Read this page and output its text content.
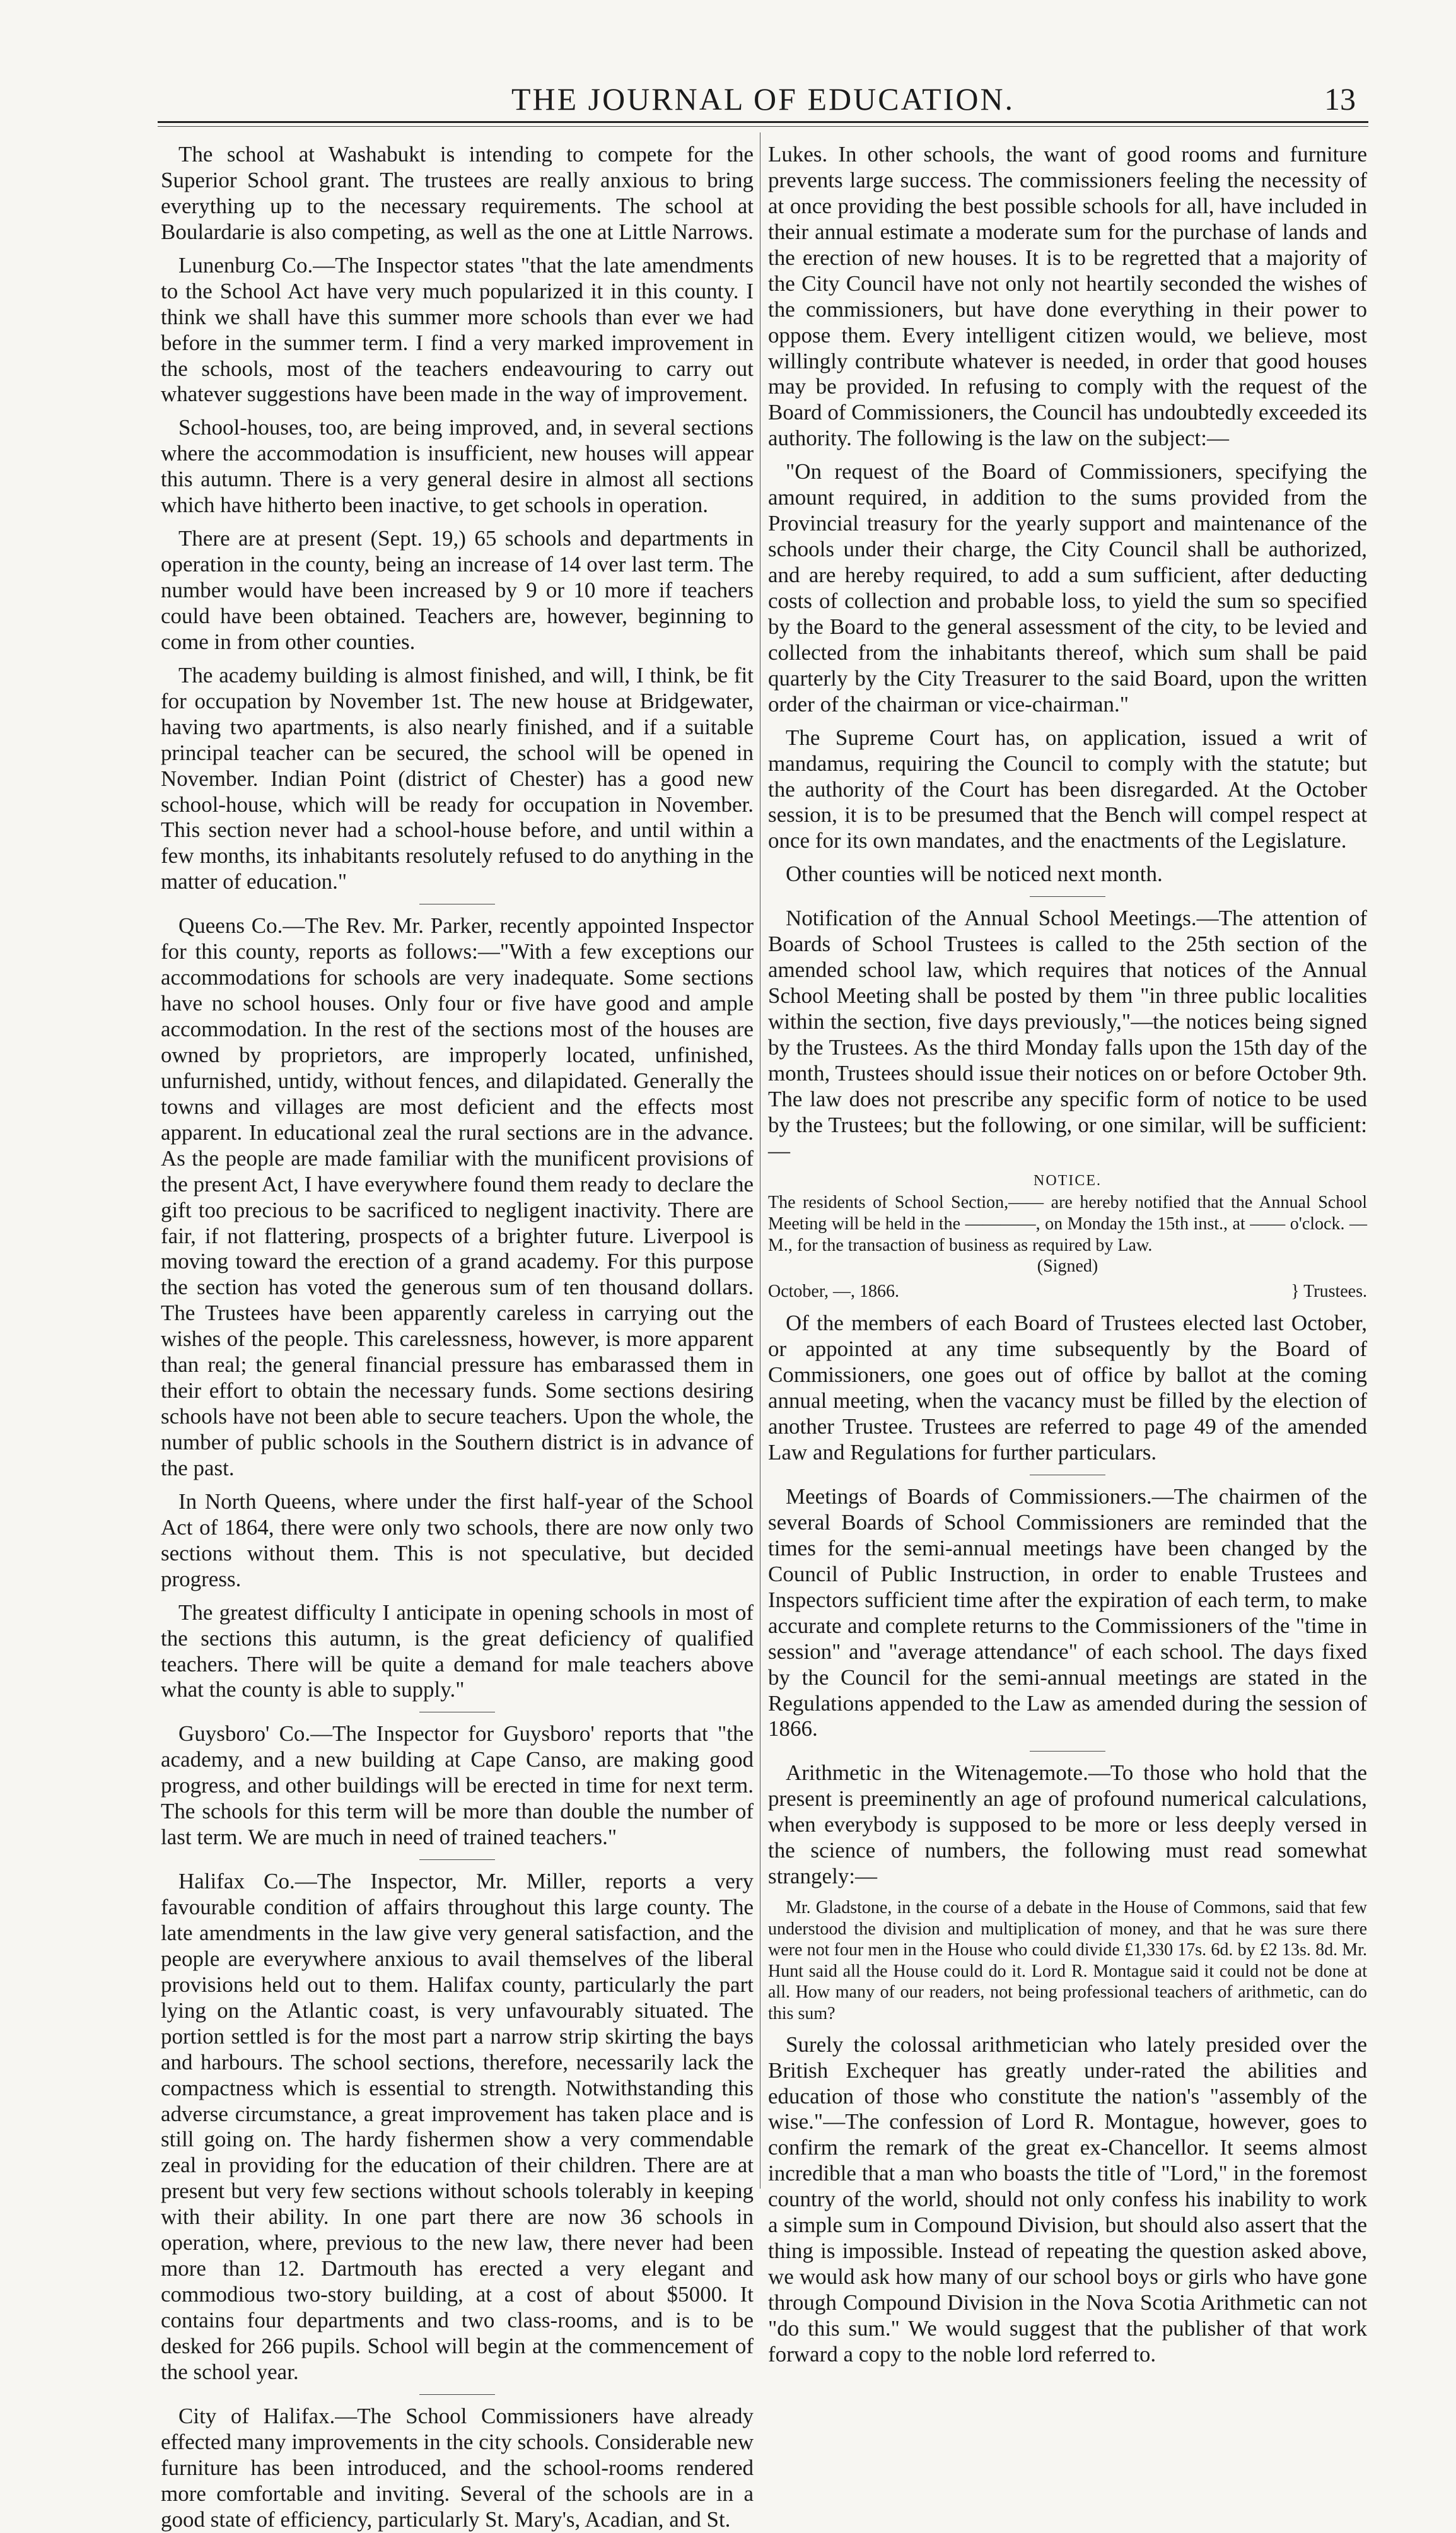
THE JOURNAL OF EDUCATION.	13

The school at Washabukt is intending to compete for the Superior School grant. The trustees are really anxious to bring everything up to the necessary requirements. The school at Boulardarie is also competing, as well as the one at Little Narrows.

Lunenburg Co.—The Inspector states "that the late amendments to the School Act have very much popularized it in this county. I think we shall have this summer more schools than ever we had before in the summer term. I find a very marked improvement in the schools, most of the teachers endeavouring to carry out whatever suggestions have been made in the way of improvement.

School-houses, too, are being improved, and, in several sections where the accommodation is insufficient, new houses will appear this autumn. There is a very general desire in almost all sections which have hitherto been inactive, to get schools in operation.

There are at present (Sept. 19,) 65 schools and departments in operation in the county, being an increase of 14 over last term. The number would have been increased by 9 or 10 more if teachers could have been obtained. Teachers are, however, beginning to come in from other counties.

The academy building is almost finished, and will, I think, be fit for occupation by November 1st. The new house at Bridgewater, having two apartments, is also nearly finished, and if a suitable principal teacher can be secured, the school will be opened in November. Indian Point (district of Chester) has a good new school-house, which will be ready for occupation in November. This section never had a school-house before, and until within a few months, its inhabitants resolutely refused to do anything in the matter of education."

Queens Co.—The Rev. Mr. Parker, recently appointed Inspector for this county, reports as follows:—"With a few exceptions our accommodations for schools are very inadequate. Some sections have no school houses. Only four or five have good and ample accommodation. In the rest of the sections most of the houses are owned by proprietors, are improperly located, unfinished, unfurnished, untidy, without fences, and dilapidated. Generally the towns and villages are most deficient and the effects most apparent. In educational zeal the rural sections are in the advance. As the people are made familiar with the munificent provisions of the present Act, I have everywhere found them ready to declare the gift too precious to be sacrificed to negligent inactivity. There are fair, if not flattering, prospects of a brighter future. Liverpool is moving toward the erection of a grand academy. For this purpose the section has voted the generous sum of ten thousand dollars. The Trustees have been apparently careless in carrying out the wishes of the people. This carelessness, however, is more apparent than real; the general financial pressure has embarassed them in their effort to obtain the necessary funds. Some sections desiring schools have not been able to secure teachers. Upon the whole, the number of public schools in the Southern district is in advance of the past.

In North Queens, where under the first half-year of the School Act of 1864, there were only two schools, there are now only two sections without them. This is not speculative, but decided progress.

The greatest difficulty I anticipate in opening schools in most of the sections this autumn, is the great deficiency of qualified teachers. There will be quite a demand for male teachers above what the county is able to supply."

Guysboro' Co.—The Inspector for Guysboro' reports that "the academy, and a new building at Cape Canso, are making good progress, and other buildings will be erected in time for next term. The schools for this term will be more than double the number of last term. We are much in need of trained teachers."

Halifax Co.—The Inspector, Mr. Miller, reports a very favourable condition of affairs throughout this large county. The late amendments in the law give very general satisfaction, and the people are everywhere anxious to avail themselves of the liberal provisions held out to them. Halifax county, particularly the part lying on the Atlantic coast, is very unfavourably situated. The portion settled is for the most part a narrow strip skirting the bays and harbours. The school sections, therefore, necessarily lack the compactness which is essential to strength. Notwithstanding this adverse circumstance, a great improvement has taken place and is still going on. The hardy fishermen show a very commendable zeal in providing for the education of their children. There are at present but very few sections without schools tolerably in keeping with their ability. In one part there are now 36 schools in operation, where, previous to the new law, there never had been more than 12. Dartmouth has erected a very elegant and commodious two-story building, at a cost of about $5000. It contains four departments and two class-rooms, and is to be desked for 266 pupils. School will begin at the commencement of the school year.

City of Halifax.—The School Commissioners have already effected many improvements in the city schools. Considerable new furniture has been introduced, and the school-rooms rendered more comfortable and inviting. Several of the schools are in a good state of efficiency, particularly St. Mary's, Acadian, and St.

Lukes. In other schools, the want of good rooms and furniture prevents large success. The commissioners feeling the necessity of at once providing the best possible schools for all, have included in their annual estimate a moderate sum for the purchase of lands and the erection of new houses. It is to be regretted that a majority of the City Council have not only not heartily seconded the wishes of the commissioners, but have done everything in their power to oppose them. Every intelligent citizen would, we believe, most willingly contribute whatever is needed, in order that good houses may be provided. In refusing to comply with the request of the Board of Commissioners, the Council has undoubtedly exceeded its authority. The following is the law on the subject:—

"On request of the Board of Commissioners, specifying the amount required, in addition to the sums provided from the Provincial treasury for the yearly support and maintenance of the schools under their charge, the City Council shall be authorized, and are hereby required, to add a sum sufficient, after deducting costs of collection and probable loss, to yield the sum so specified by the Board to the general assessment of the city, to be levied and collected from the inhabitants thereof, which sum shall be paid quarterly by the City Treasurer to the said Board, upon the written order of the chairman or vice-chairman."

The Supreme Court has, on application, issued a writ of mandamus, requiring the Council to comply with the statute; but the authority of the Court has been disregarded. At the October session, it is to be presumed that the Bench will compel respect at once for its own mandates, and the enactments of the Legislature.

Other counties will be noticed next month.

Notification of the Annual School Meetings.—The attention of Boards of School Trustees is called to the 25th section of the amended school law, which requires that notices of the Annual School Meeting shall be posted by them "in three public localities within the section, five days previously,"—the notices being signed by the Trustees. As the third Monday falls upon the 15th day of the month, Trustees should issue their notices on or before October 9th. The law does not prescribe any specific form of notice to be used by the Trustees; but the following, or one similar, will be sufficient:—

NOTICE.
The residents of School Section,—— are hereby notified that the Annual School Meeting will be held in the ————, on Monday the 15th inst., at —— o'clock. — M., for the transaction of business as required by Law.
(Signed)
October, —, 1866.	} Trustees.

Of the members of each Board of Trustees elected last October, or appointed at any time subsequently by the Board of Commissioners, one goes out of office by ballot at the coming annual meeting, when the vacancy must be filled by the election of another Trustee. Trustees are referred to page 49 of the amended Law and Regulations for further particulars.

Meetings of Boards of Commissioners.—The chairmen of the several Boards of School Commissioners are reminded that the times for the semi-annual meetings have been changed by the Council of Public Instruction, in order to enable Trustees and Inspectors sufficient time after the expiration of each term, to make accurate and complete returns to the Commissioners of the "time in session" and "average attendance" of each school. The days fixed by the Council for the semi-annual meetings are stated in the Regulations appended to the Law as amended during the session of 1866.

Arithmetic in the Witenagemote.—To those who hold that the present is preeminently an age of profound numerical calculations, when everybody is supposed to be more or less deeply versed in the science of numbers, the following must read somewhat strangely:—

Mr. Gladstone, in the course of a debate in the House of Commons, said that few understood the division and multiplication of money, and that he was sure there were not four men in the House who could divide £1,330 17s. 6d. by £2 13s. 8d. Mr. Hunt said all the House could do it. Lord R. Montague said it could not be done at all. How many of our readers, not being professional teachers of arithmetic, can do this sum?

Surely the colossal arithmetician who lately presided over the British Exchequer has greatly under-rated the abilities and education of those who constitute the nation's "assembly of the wise."—The confession of Lord R. Montague, however, goes to confirm the remark of the great ex-Chancellor. It seems almost incredible that a man who boasts the title of "Lord," in the foremost country of the world, should not only confess his inability to work a simple sum in Compound Division, but should also assert that the thing is impossible. Instead of repeating the question asked above, we would ask how many of our school boys or girls who have gone through Compound Division in the Nova Scotia Arithmetic can not "do this sum." We would suggest that the publisher of that work forward a copy to the noble lord referred to.
